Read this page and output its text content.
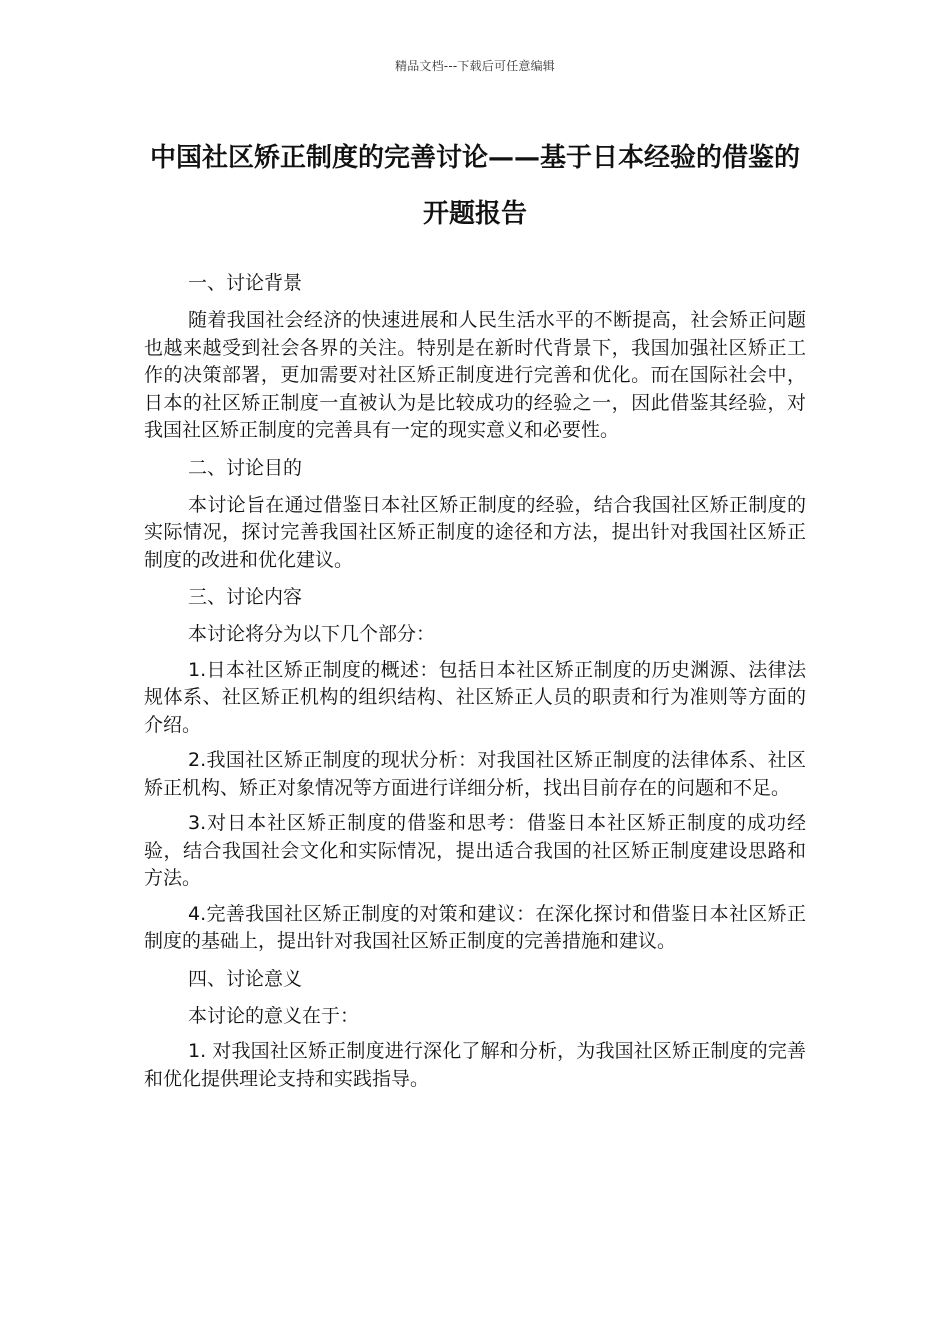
精品文档---下载后可任意编辑
中国社区矫正制度的完善讨论——基于日本经验的借鉴的开题报告

一、讨论背景

随着我国社会经济的快速进展和人民生活水平的不断提高，社会矫正问题也越来越受到社会各界的关注。特别是在新时代背景下，我国加强社区矫正工作的决策部署，更加需要对社区矫正制度进行完善和优化。而在国际社会中，日本的社区矫正制度一直被认为是比较成功的经验之一，因此借鉴其经验，对我国社区矫正制度的完善具有一定的现实意义和必要性。

二、讨论目的

本讨论旨在通过借鉴日本社区矫正制度的经验，结合我国社区矫正制度的实际情况，探讨完善我国社区矫正制度的途径和方法，提出针对我国社区矫正制度的改进和优化建议。

三、讨论内容

本讨论将分为以下几个部分：

1.日本社区矫正制度的概述：包括日本社区矫正制度的历史渊源、法律法规体系、社区矫正机构的组织结构、社区矫正人员的职责和行为准则等方面的介绍。

2.我国社区矫正制度的现状分析：对我国社区矫正制度的法律体系、社区矫正机构、矫正对象情况等方面进行详细分析，找出目前存在的问题和不足。

3.对日本社区矫正制度的借鉴和思考：借鉴日本社区矫正制度的成功经验，结合我国社会文化和实际情况，提出适合我国的社区矫正制度建设思路和方法。

4.完善我国社区矫正制度的对策和建议：在深化探讨和借鉴日本社区矫正制度的基础上，提出针对我国社区矫正制度的完善措施和建议。

四、讨论意义

本讨论的意义在于：

1. 对我国社区矫正制度进行深化了解和分析，为我国社区矫正制度的完善和优化提供理论支持和实践指导。
